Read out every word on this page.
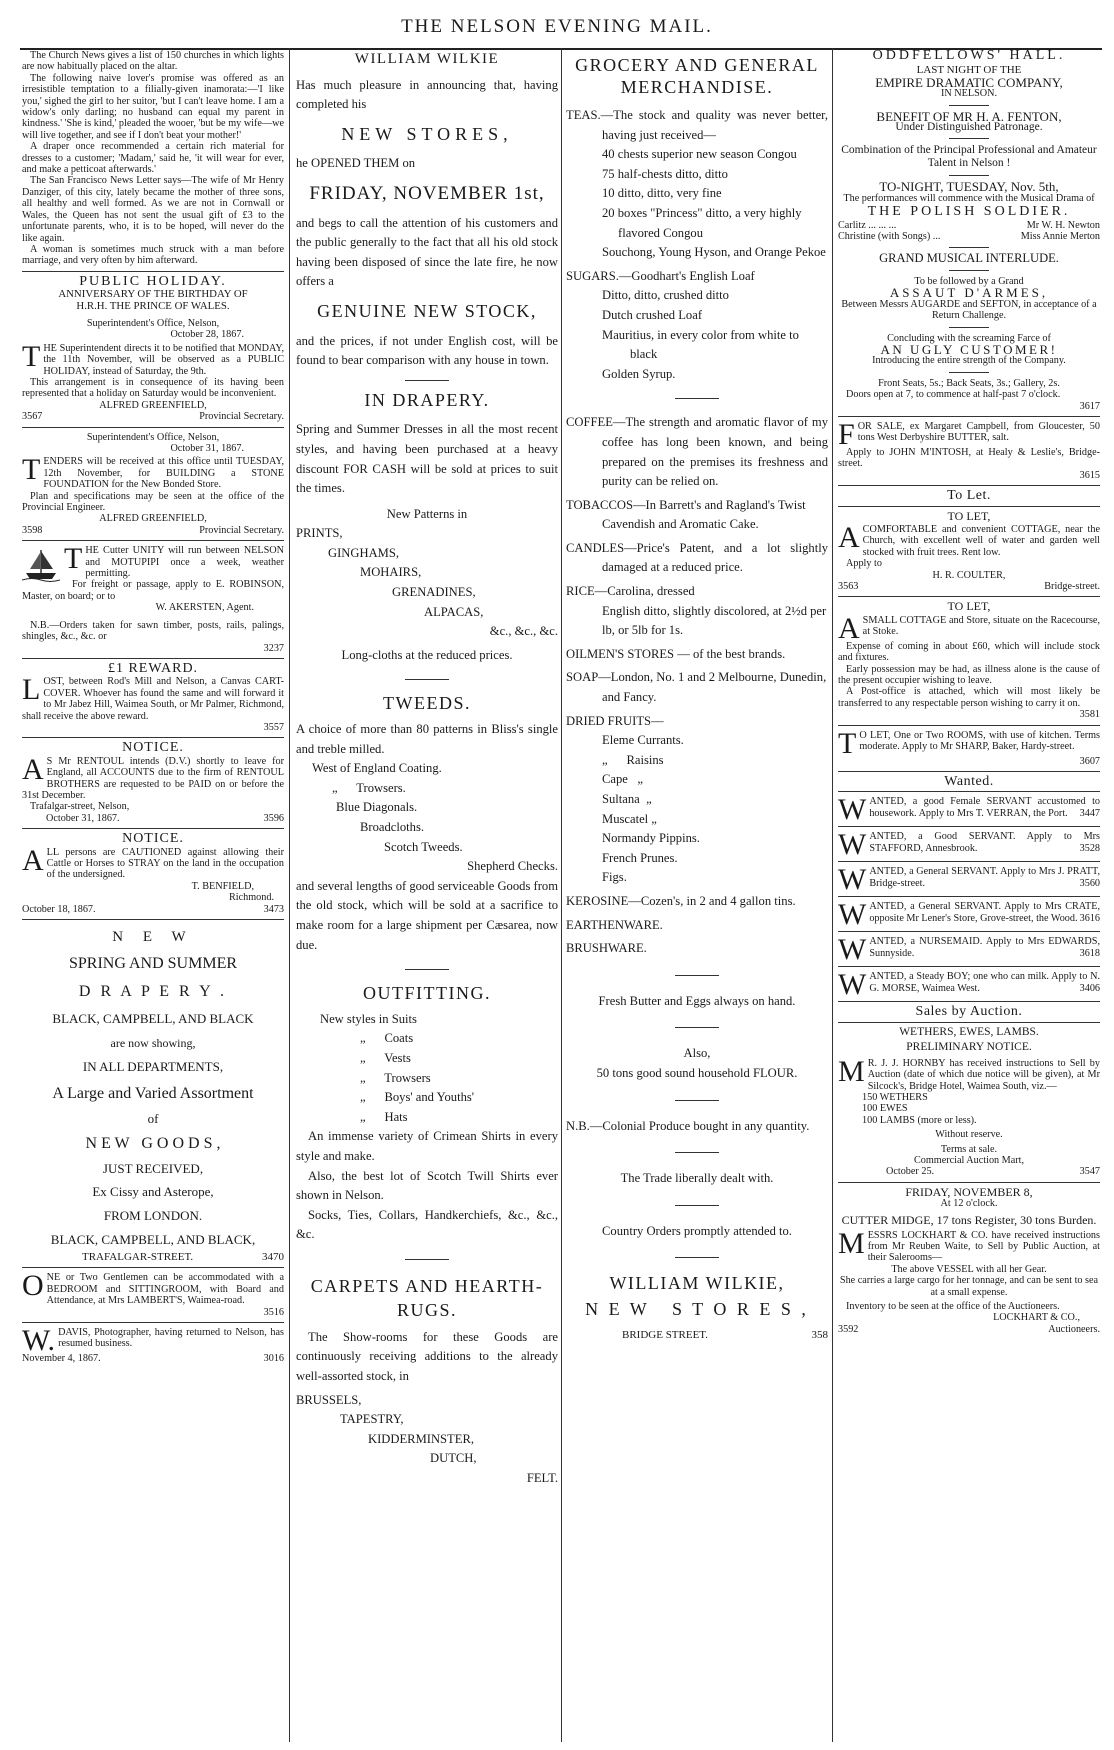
THE NELSON EVENING MAIL.

The Church News gives a list of 150 churches in which lights are now habitually placed on the altar.

The following naive lover's promise was offered as an irresistible temptation to a filially-given inamorata:—'I like you,' sighed the girl to her suitor, 'but I can't leave home. I am a widow's only darling; no husband can equal my parent in kindness.' 'She is kind,' pleaded the wooer, 'but be my wife—we will live together, and see if I don't beat your mother!'

A draper once recommended a certain rich material for dresses to a customer; 'Madam,' said he, 'it will wear for ever, and make a petticoat afterwards.'

The San Francisco News Letter says—The wife of Mr Henry Danziger, of this city, lately became the mother of three sons, all healthy and well formed. As we are not in Cornwall or Wales, the Queen has not sent the usual gift of £3 to the unfortunate parents, who, it is to be hoped, will never do the like again.

A woman is sometimes much struck with a man before marriage, and very often by him afterward.

PUBLIC HOLIDAY.
ANNIVERSARY OF THE BIRTHDAY OF
H.R.H. THE PRINCE OF WALES.
Superintendent's Office, Nelson,
October 28, 1867.
THE Superintendent directs it to be notified that MONDAY, the 11th November, will be observed as a PUBLIC HOLIDAY, instead of Saturday, the 9th.

This arrangement is in consequence of its having been represented that a holiday on Saturday would be inconvenient.

ALFRED GREENFIELD,
3567	Provincial Secretary.
Superintendent's Office, Nelson,
October 31, 1867.
TENDERS will be received at this office until TUESDAY, 12th November, for BUILDING a STONE FOUNDATION for the New Bonded Store.

Plan and specifications may be seen at the office of the Provincial Engineer.

ALFRED GREENFIELD,
3598	Provincial Secretary.
THE Cutter UNITY will run between NELSON and MOTUPIPI once a week, weather permitting.

For freight or passage, apply to E. ROBINSON, Master, on board; or to

W. AKERSTEN, Agent.

N.B.—Orders taken for sawn timber, posts, rails, palings, shingles, &c., &c. or

3237
£1 REWARD.
LOST, between Rod's Mill and Nelson, a Canvas CART-COVER. Whoever has found the same and will forward it to Mr Jabez Hill, Waimea South, or Mr Palmer, Richmond, shall receive the above reward.
3557
NOTICE.
A S Mr RENTOUL intends (D.V.) shortly to leave for England, all ACCOUNTS due to the firm of RENTOUL BROTHERS are requested to be PAID on or before the 31st December.

Trafalgar-street, Nelson,

October 31, 1867.	3596
NOTICE.
ALL persons are CAUTIONED against allowing their Cattle or Horses to STRAY on the land in the occupation of the undersigned.
T. BENFIELD,
Richmond.
October 18, 1867.	3473
N E W
SPRING AND SUMMER
D R A P E R Y .
BLACK, CAMPBELL, AND BLACK
are now showing,
IN ALL DEPARTMENTS,
A Large and Varied Assortment
of
N E W   G O O D S ,
JUST RECEIVED,
Ex Cissy and Asterope,
FROM LONDON.
BLACK, CAMPBELL, AND BLACK,
TRAFALGAR-STREET.	3470
ONE or Two Gentlemen can be accommodated with a BEDROOM and SITTINGROOM, with Board and Attendance, at Mrs LAMBERT'S, Waimea-road.
3516
W. DAVIS, Photographer, having returned to Nelson, has resumed business.
November 4, 1867.	3016
WILLIAM WILKIE

Has much pleasure in announcing that, having completed his

NEW STORES,

he OPENED THEM on

FRIDAY, NOVEMBER 1st,

and begs to call the attention of his customers and the public generally to the fact that all his old stock having been disposed of since the late fire, he now offers a

GENUINE NEW STOCK,

and the prices, if not under English cost, will be found to bear comparison with any house in town.

IN DRAPERY.

Spring and Summer Dresses in all the most recent styles, and having been purchased at a heavy discount FOR CASH will be sold at prices to suit the times.

New Patterns in

PRINTS,

GINGHAMS,

MOHAIRS,

GRENADINES,

ALPACAS,

&c., &c., &c.

Long-cloths at the reduced prices.
TWEEDS.

A choice of more than 80 patterns in Bliss's single and treble milled.

West of England Coating.

„      Trowsers.

Blue Diagonals.

Broadcloths.

Scotch Tweeds.

Shepherd Checks.

and several lengths of good serviceable Goods from the old stock, which will be sold at a sacrifice to make room for a large shipment per Cæsarea, now due.

OUTFITTING.

New styles in Suits

„      Coats

„      Vests

„      Trowsers

„      Boys' and Youths'

„      Hats

An immense variety of Crimean Shirts in every style and make.

Also, the best lot of Scotch Twill Shirts ever shown in Nelson.

Socks, Ties, Collars, Handkerchiefs, &c., &c., &c.

CARPETS AND HEARTH-RUGS.

The Show-rooms for these Goods are continuously receiving additions to the already well-assorted stock, in

BRUSSELS,

TAPESTRY,

KIDDERMINSTER,

DUTCH,

FELT.

GROCERY AND GENERAL
MERCHANDISE.

TEAS.—The stock and quality was never better, having just received—

40 chests superior new season Congou

75 half-chests ditto, ditto

10 ditto, ditto, very fine

20 boxes "Princess" ditto, a very highly flavored Congou

Souchong, Young Hyson, and Orange Pekoe

SUGARS.—Goodhart's English Loaf

Ditto, ditto, crushed ditto

Dutch crushed Loaf

Mauritius, in every color from white to black

Golden Syrup.

COFFEE—The strength and aromatic flavor of my coffee has long been known, and being prepared on the premises its freshness and purity can be relied on.

TOBACCOS—In Barrett's and Ragland's Twist

Cavendish and Aromatic Cake.

CANDLES—Price's Patent, and a lot slightly damaged at a reduced price.

RICE—Carolina, dressed

English ditto, slightly discolored, at 2½d per lb, or 5lb for 1s.

OILMEN'S STORES — of the best brands.

SOAP—London, No. 1 and 2 Melbourne, Dunedin, and Fancy.

DRIED FRUITS—

Eleme Currants.

„      Raisins

Cape   „

Sultana  „

Muscatel „

Normandy Pippins.

French Prunes.

Figs.

KEROSINE—Cozen's, in 2 and 4 gallon tins.

EARTHENWARE.

BRUSHWARE.

Fresh Butter and Eggs always on hand.
Also,
50 tons good sound household FLOUR.

N.B.—Colonial Produce bought in any quantity.

The Trade liberally dealt with.
Country Orders promptly attended to.
WILLIAM WILKIE,
N E W   S T O R E S ,
BRIDGE STREET.	358
ODDFELLOWS' HALL.
LAST NIGHT OF THE
EMPIRE DRAMATIC COMPANY,
IN NELSON.
BENEFIT OF MR H. A. FENTON,
Under Distinguished Patronage.
Combination of the Principal Professional and Amateur Talent in Nelson !
TO-NIGHT, TUESDAY, Nov. 5th,
The performances will commence with the Musical Drama of
THE POLISH SOLDIER.
Carlitz ... ... ...	Mr W. H. Newton
Christine (with Songs) ...	Miss Annie Merton
GRAND MUSICAL INTERLUDE.
To be followed by a Grand
ASSAUT D'ARMES,
Between Messrs AUGARDE and SEFTON, in acceptance of a Return Challenge.
Concluding with the screaming Farce of
AN UGLY CUSTOMER!
Introducing the entire strength of the Company.
Front Seats, 5s.; Back Seats, 3s.; Gallery, 2s.

Doors open at 7, to commence at half-past 7 o'clock.

3617
FOR SALE, ex Margaret Campbell, from Gloucester, 50 tons West Derbyshire BUTTER, salt.

Apply to JOHN M'INTOSH, at Healy & Leslie's, Bridge-street.

3615
To Let.
TO LET,
ACOMFORTABLE and convenient COTTAGE, near the Church, with excellent well of water and garden well stocked with fruit trees. Rent low.

Apply to

H. R. COULTER,
3563	Bridge-street.
TO LET,
ASMALL COTTAGE and Store, situate on the Racecourse, at Stoke.

Expense of coming in about £60, which will include stock and fixtures.

Early possession may be had, as illness alone is the cause of the present occupier wishing to leave.

A Post-office is attached, which will most likely be transferred to any respectable person wishing to carry it on.

3581
T O LET, One or Two ROOMS, with use of kitchen. Terms moderate. Apply to Mr SHARP, Baker, Hardy-street.
3607
Wanted.
WANTED, a good Female SERVANT accustomed to housework. Apply to Mrs T. VERRAN, the Port. 3447
WANTED, a Good SERVANT. Apply to Mrs STAFFORD, Annesbrook.	3528
WANTED, a General SERVANT. Apply to Mrs J. PRATT, Bridge-street.	3560
WANTED, a General SERVANT. Apply to Mrs CRATE, opposite Mr Lener's Store, Grove-street, the Wood. 3616
WANTED, a NURSEMAID. Apply to Mrs EDWARDS, Sunnyside.	3618
WANTED, a Steady BOY; one who can milk. Apply to N. G. MORSE, Waimea West.	3406
Sales by Auction.
WETHERS, EWES, LAMBS.
PRELIMINARY NOTICE.
M R. J. J. HORNBY has received instructions to Sell by Auction (date of which due notice will be given), at Mr Silcock's, Bridge Hotel, Waimea South, viz.—

150 WETHERS

100 EWES

100 LAMBS (more or less).

Without reserve.
Terms at sale.
Commercial Auction Mart,
October 25.	3547
FRIDAY, NOVEMBER 8,
At 12 o'clock.
CUTTER MIDGE, 17 tons Register, 30 tons Burden.
MESSRS LOCKHART & CO. have received instructions from Mr Reuben Waite, to Sell by Public Auction, at their Salerooms—
The above VESSEL with all her Gear.
She carries a large cargo for her tonnage, and can be sent to sea at a small expense.

Inventory to be seen at the office of the Auctioneers.

LOCKHART & CO.,
3592	Auctioneers.
